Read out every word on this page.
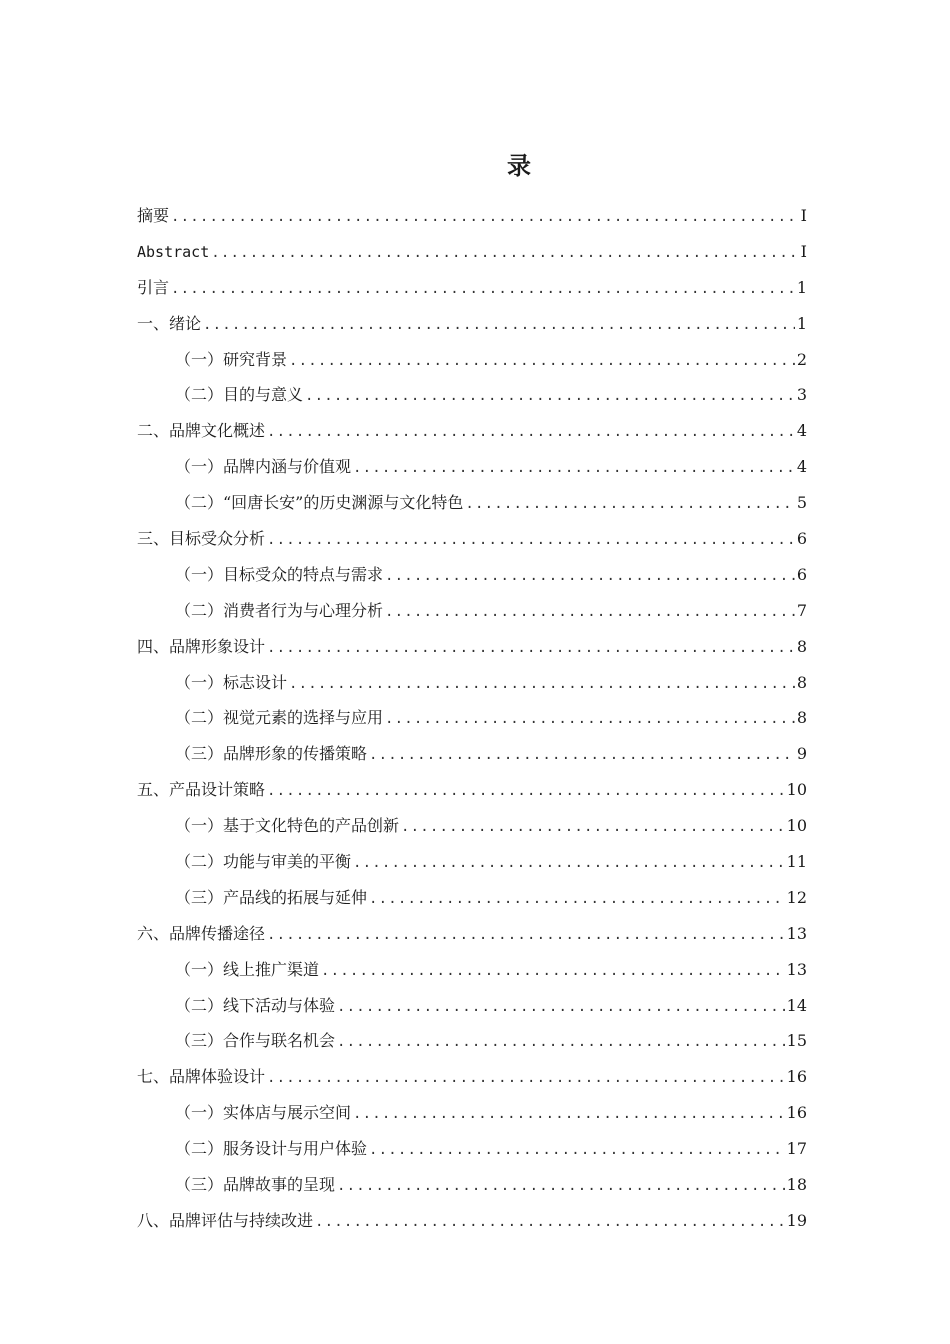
录
摘要 .....	Ⅰ
Abstract .....	Ⅰ
引言 .....	1
一、绪论 .....	1
（一）研究背景 .....	2
（二）目的与意义 .....	3
二、品牌文化概述 .....	4
（一）品牌内涵与价值观 .....	4
（二）“回唐长安”的历史渊源与文化特色 .....	5
三、目标受众分析 .....	6
（一）目标受众的特点与需求 .....	6
（二）消费者行为与心理分析 .....	7
四、品牌形象设计 .....	8
（一）标志设计 .....	8
（二）视觉元素的选择与应用 .....	8
（三）品牌形象的传播策略 .....	9
五、产品设计策略 .....	10
（一）基于文化特色的产品创新 .....	10
（二）功能与审美的平衡 .....	11
（三）产品线的拓展与延伸 .....	12
六、品牌传播途径 .....	13
（一）线上推广渠道 .....	13
（二）线下活动与体验 .....	14
（三）合作与联名机会 .....	15
七、品牌体验设计 .....	16
（一）实体店与展示空间 .....	16
（二）服务设计与用户体验 .....	17
（三）品牌故事的呈现 .....	18
八、品牌评估与持续改进 .....	19
